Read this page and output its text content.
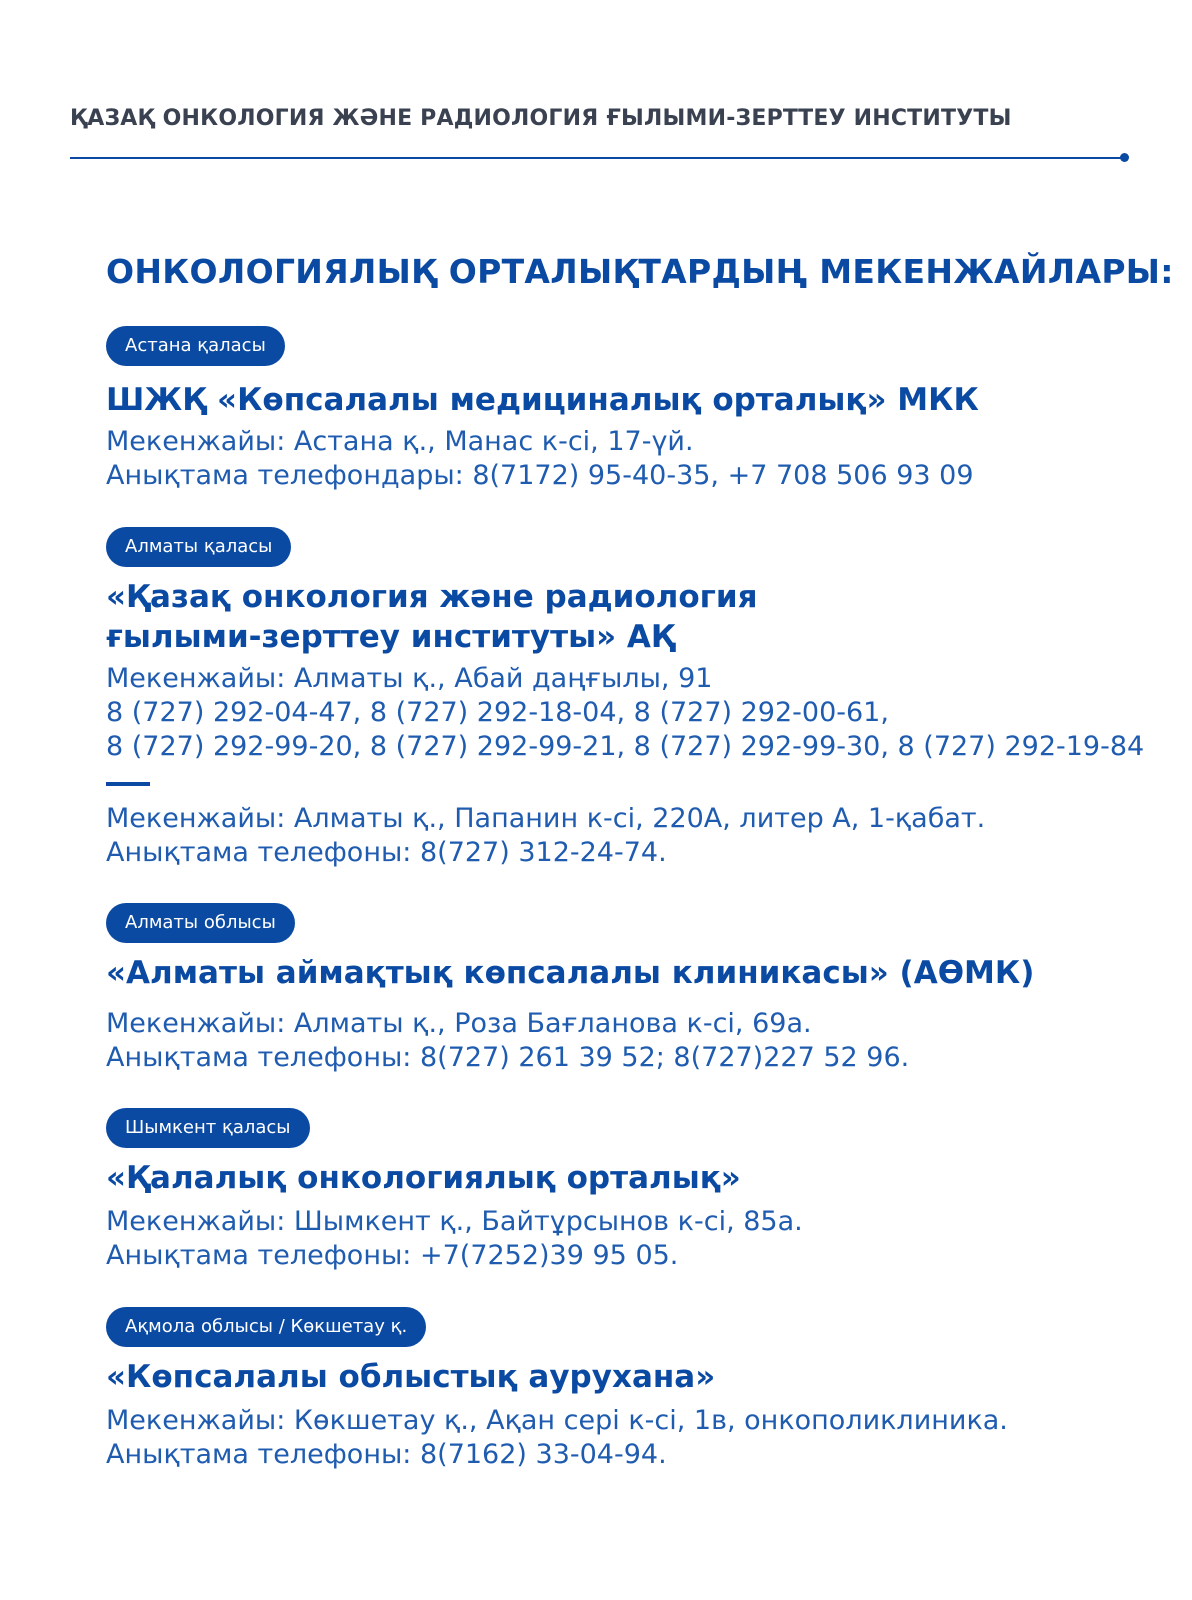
ҚАЗАҚ ОНКОЛОГИЯ ЖӘНЕ РАДИОЛОГИЯ ҒЫЛЫМИ-ЗЕРТТЕУ ИНСТИТУТЫ
ОНКОЛОГИЯЛЫҚ ОРТАЛЫҚТАРДЫҢ МЕКЕНЖАЙЛАРЫ:
Астана қаласы
ШЖҚ «Көпсалалы медициналық орталық» МКК
Мекенжайы: Астана қ., Манас к-сі, 17-үй.
Анықтама телефондары: 8(7172) 95-40-35, +7 708 506 93 09
Алматы қаласы
«Қазақ онкология және радиология
ғылыми-зерттеу институты» АҚ
Мекенжайы: Алматы қ., Абай даңғылы, 91
8 (727) 292-04-47, 8 (727) 292-18-04, 8 (727) 292-00-61,
8 (727) 292-99-20, 8 (727) 292-99-21, 8 (727) 292-99-30, 8 (727) 292-19-84
Мекенжайы: Алматы қ., Папанин к-сі, 220А, литер А, 1-қабат.
Анықтама телефоны: 8(727) 312-24-74.
Алматы облысы
«Алматы аймақтық көпсалалы клиникасы» (АӨМК)
Мекенжайы: Алматы қ., Роза Бағланова к-сі, 69а.
Анықтама телефоны: 8(727) 261 39 52; 8(727)227 52 96.
Шымкент қаласы
«Қалалық онкологиялық орталық»
Мекенжайы: Шымкент қ., Байтұрсынов к-сі, 85а.
Анықтама телефоны: +7(7252)39 95 05.
Ақмола облысы / Көкшетау қ.
«Көпсалалы облыстық аурухана»
Мекенжайы: Көкшетау қ., Ақан сері к-сі, 1в, онкополиклиника.
Анықтама телефоны: 8(7162) 33-04-94.
